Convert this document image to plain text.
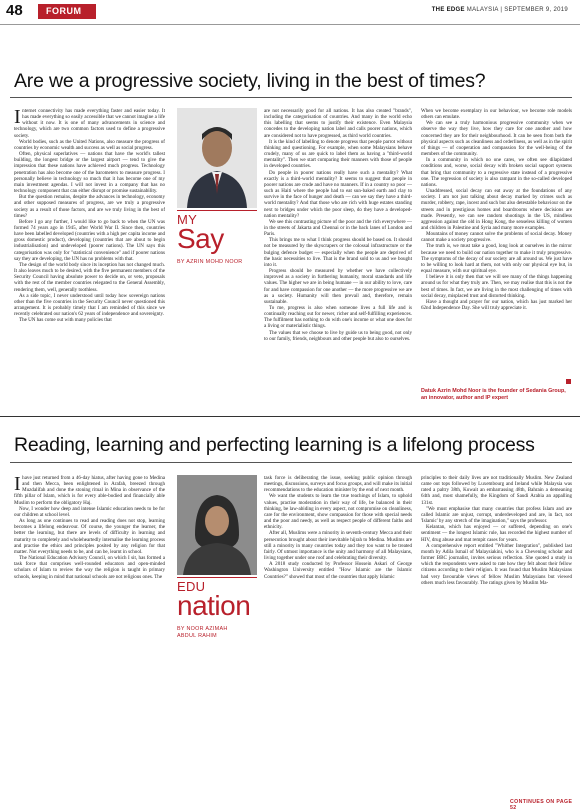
48	FORUM	THE EDGE MALAYSIA | SEPTEMBER 9, 2019
Are we a progressive society, living in the best of times?

Internet connectivity has made everything faster and easier today. It has made everything so easily accessible that we cannot imagine a life without it now. It is one of many advancements in science and technology, which are two common factors used to define a progressive society.

World bodies, such as the United Nations, also measure the progress of countries by economic wealth and success as well as social progress.

Often, physical superlatives — nations that have the world's tallest building, the longest bridge or the largest airport — tend to give the impression that these nations have achieved much progress. Technology penetration has also become one of the barometers to measure progress. I personally believe in technology so much that it has become one of my main investment agendas. I will not invest in a company that has no technology component that can either disrupt or promise sustainability.

But the question remains, despite the advances in technology, economy and other supposed measures of progress, are we truly a progressive society as a result of those factors, and are we truly living in the best of times?

Before I go any further, I would like to go back to when the UN was formed 74 years ago in 1945, after World War II. Since then, countries have been labelled developed (countries with a high per capita income and gross domestic product), developing (countries that are about to begin industrialisation) and undeveloped (poorer nations). The UN says this categorisation was only for "statistical convenience" and if poorer nations say they are developing, the UN has no problems with that.

The design of the world body since its inception has not changed much. It also leaves much to be desired, with the five permanent members of the Security Council having absolute power to decide on, or veto, proposals with the rest of the member countries relegated to the General Assembly, rendering them, well, generally toothless.

As a side topic, I never understood until today how sovereign nations other than the five countries in the Security Council never questioned this arrangement. It is probably timely that I am reminded of this since we recently celebrated our nation's 62 years of independence and sovereignty.

The UN has come out with many policies that

MY
Say
BY AZRIN MOHD NOOR

are not necessarily good for all nations. It has also created "brands", including the categorisation of countries. And many in the world echo this labelling that seems to justify their existence. Even Malaysia concedes to the developing nation label and calls poorer nations, which are considered not to have progressed, as third world countries.

It is the kind of labelling to denote progress that people parrot without thinking and questioning. For example, when some Malaysians behave crudely, many of us are quick to label them as having a "third-world mentality". Then we start comparing their manners with those of people in developed countries.

Do people in poorer nations really have such a mentality? What exactly is a third-world mentality? It seems to suggest that people in poorer nations are crude and have no manners. If in a country so poor — such as Haiti where the people had to eat sun-baked earth and clay to survive in the face of hunger and death — can we say they have a third-world mentality? And that those who are rich with huge estates standing next to bridges under which the poor sleep, do they have a developed-nation mentality?

We see this contrasting picture of the poor and the rich everywhere — in the streets of Jakarta and Chennai or in the back lanes of London and Paris.

This brings me to what I think progress should be based on. It should not be measured by the skyscrapers or the colossal infrastructure or the bulging defence budget — especially when the people are deprived of the basic necessities to live. That is the brand sold to us and we bought into it.

Progress should be measured by whether we have collectively improved as a society in furthering humanity, moral standards and life values. The higher we are in being humane — in our ability to love, care for and have compassion for one another — the more progressive we are as a society. Humanity will then prevail and, therefore, remain sustainable.

To me, progress is also when someone lives a full life and is continually reaching out for newer, richer and self-fulfilling experiences. The fulfilment has nothing to do with one's income or what one does for a living or materialistic things.

The values that we choose to live by guide us to being good, not only to our family, friends, neighbours and other people but also to ourselves.

When we become exemplary in our behaviour, we become role models others can emulate.

We can see a truly harmonious progressive community when we observe the way they live, how they care for one another and how concerned they are for their neighbourhood. It can be seen from both the physical aspects such as cleanliness and orderliness, as well as in the spirit of things — of cooperation and compassion for the well-being of the members of the community.

In a community in which no one cares, we often see dilapidated conditions and, worse, social decay with broken social support systems that bring that community to a regressive state instead of a progressive one. The regression of society is also rampant in the so-called developed nations.

Unaddressed, social decay can eat away at the foundations of any society. I am not just talking about decay marked by crimes such as murder, robbery, rape, incest and such but also detestable behaviour on the streets and in prestigious homes and boardrooms where decisions are made. Presently, we can see random shootings in the US, mindless aggression against the old in Hong Kong, the senseless killing of women and children in Palestine and Syria and many more examples.

Mountains of money cannot solve the problems of social decay. Money cannot make a society progressive.

The truth is, we must take a good, long look at ourselves in the mirror because we need to build our nation together to make it truly progressive. The symptoms of the decay of our society are all around us. We just have to be willing to look hard at them, not with only our physical eye but, in equal measure, with our spiritual eye.

I believe it is only then that we will see many of the things happening around us for what they truly are. Then, we may realise that this is not the best of times. In fact, we are living in the most challenging of times with social decay, misplaced trust and distorted thinking.

Have a thought and prayer for our nation, which has just marked her 62nd Independence Day. She will truly appreciate it.

Datuk Azrin Mohd Noor is the founder of Sedania Group, an innovator, author and IP expert
Reading, learning and perfecting learning is a lifelong process

Ihave just returned from a 46-day hiatus, after having gone to Medina and then Mecca, been enlightened in Arafah, breezed through Muzdalifah and done the stoning ritual in Mina in observance of the fifth pillar of Islam, which is for every able-bodied and financially able Muslim to perform the obligatory Haj.

Now, I wonder how deep and intense Islamic education needs to be for our children at school level.

As long as one continues to read and reading does not stop, learning becomes a lifelong endeavour. Of course, the younger the learner, the better the learning, but there are levels of difficulty in learning and maturity to completely and wholeheartedly internalise the learning process and practise the ethics and principles posited by any religion for that matter. Not everything needs to be, and can be, learnt in school.

The National Education Advisory Council, on which I sit, has formed a task force that comprises well-rounded educators and open-minded scholars of Islam to review the way the religion is taught in primary schools, keeping in mind that national schools are not religious ones. The

EDU
nation
BY NOOR AZIMAH
ABDUL RAHIM

task force is deliberating the issue, seeking public opinion through meetings, discussions, surveys and focus groups, and will make its initial recommendations to the education minister by the end of next month.

We want the students to learn the true teachings of Islam, to uphold values, practise moderation in their way of life, be balanced in their thinking, be law-abiding in every aspect, not compromise on cleanliness, care for the environment, show compassion for those with special needs and the poor and needy, as well as respect people of different faiths and ethnicity.

After all, Muslims were a minority in seventh-century Mecca and their persecution brought about their inevitable hijrah to Medina. Muslims are still a minority in many countries today and they too want to be treated fairly. Of utmost importance is the unity and harmony of all Malaysians, living together under one roof and celebrating their diversity.

A 2018 study conducted by Professor Hossein Askari of George Washington University entitled "How Islamic are the Islamic Countries?" showed that most of the countries that apply Islamic

principles to their daily lives are not traditionally Muslim. New Zealand came out tops followed by Luxembourg and Ireland while Malaysia was rated a paltry 38th, Kuwait an embarrassing 48th, Bahrain a demeaning 64th and, most shamefully, the Kingdom of Saudi Arabia an appalling 131st.

"We must emphasise that many countries that profess Islam and are called Islamic are unjust, corrupt, underdeveloped and are, in fact, not 'Islamic' by any stretch of the imagination," says the professor.

Kelantan, which has enjoyed — or suffered, depending on one's sentiment — the longest Islamic rule, has recorded the highest number of HIV, drug abuse and mat rempit cases for years.

A comprehensive report entitled "Whither Integration", published last month by Adila Ismail of Malaysiakini, who is a Chevening scholar and former BBC journalist, invites serious reflection. She quoted a study in which the respondents were asked to rate how they felt about their fellow citizens according to their religion. It was found that Muslim Malaysians had very favourable views of fellow Muslim Malaysians but viewed others much less favourably. The ratings given by Muslim Ma-

CONTINUES ON PAGE 52
